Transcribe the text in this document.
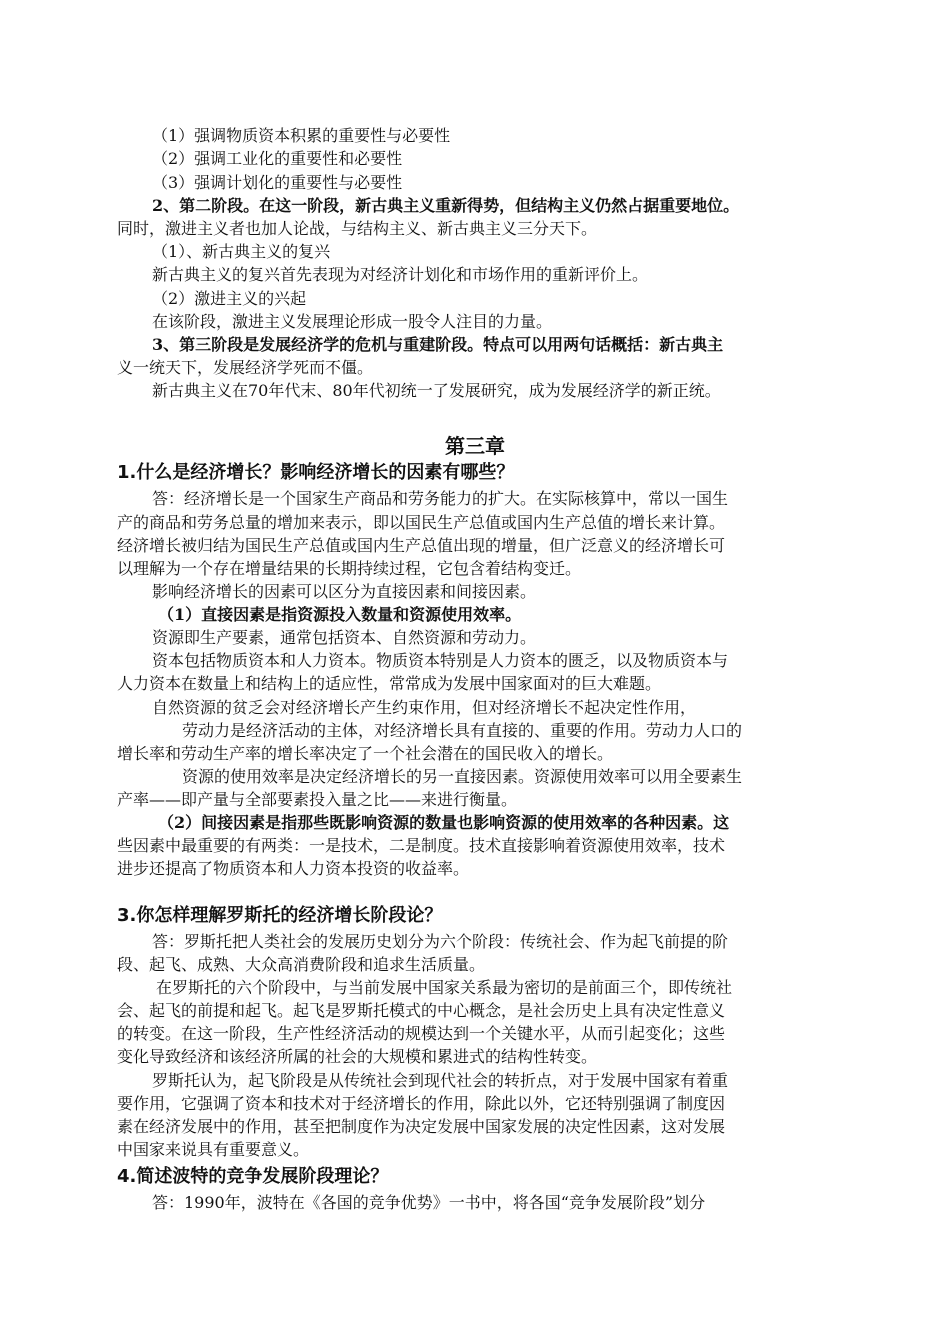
（1）强调物质资本积累的重要性与必要性
（2）强调工业化的重要性和必要性
（3）强调计划化的重要性与必要性
2、第二阶段。在这一阶段，新古典主义重新得势，但结构主义仍然占据重要地位。
同时，激进主义者也加人论战，与结构主义、新古典主义三分天下。
（1）、新古典主义的复兴
新古典主义的复兴首先表现为对经济计划化和市场作用的重新评价上。
（2）激进主义的兴起
在该阶段，激进主义发展理论形成一股令人注目的力量。
3、第三阶段是发展经济学的危机与重建阶段。特点可以用两句话概括：新古典主
义一统天下，发展经济学死而不僵。
新古典主义在70年代末、80年代初统一了发展研究，成为发展经济学的新正统。
第三章
1.什么是经济增长？影响经济增长的因素有哪些？
答：经济增长是一个国家生产商品和劳务能力的扩大。在实际核算中，常以一国生
产的商品和劳务总量的增加来表示，即以国民生产总值或国内生产总值的增长来计算。
经济增长被归结为国民生产总值或国内生产总值出现的增量，但广泛意义的经济增长可
以理解为一个存在增量结果的长期持续过程，它包含着结构变迁。
影响经济增长的因素可以区分为直接因素和间接因素。
（1）直接因素是指资源投入数量和资源使用效率。
资源即生产要素，通常包括资本、自然资源和劳动力。
资本包括物质资本和人力资本。物质资本特别是人力资本的匮乏，以及物质资本与
人力资本在数量上和结构上的适应性，常常成为发展中国家面对的巨大难题。
自然资源的贫乏会对经济增长产生约束作用，但对经济增长不起决定性作用，
劳动力是经济活动的主体，对经济增长具有直接的、重要的作用。劳动力人口的
增长率和劳动生产率的增长率决定了一个社会潜在的国民收入的增长。
资源的使用效率是决定经济增长的另一直接因素。资源使用效率可以用全要素生
产率——即产量与全部要素投入量之比——来进行衡量。
（2）间接因素是指那些既影响资源的数量也影响资源的使用效率的各种因素。这
些因素中最重要的有两类：一是技术，二是制度。技术直接影响着资源使用效率，技术
进步还提高了物质资本和人力资本投资的收益率。
3.你怎样理解罗斯托的经济增长阶段论？
答：罗斯托把人类社会的发展历史划分为六个阶段：传统社会、作为起飞前提的阶
段、起飞、成熟、大众高消费阶段和追求生活质量。
在罗斯托的六个阶段中，与当前发展中国家关系最为密切的是前面三个，即传统社
会、起飞的前提和起飞。起飞是罗斯托模式的中心概念，是社会历史上具有决定性意义
的转变。在这一阶段，生产性经济活动的规模达到一个关键水平，从而引起变化；这些
变化导致经济和该经济所属的社会的大规模和累进式的结构性转变。
罗斯托认为，起飞阶段是从传统社会到现代社会的转折点，对于发展中国家有着重
要作用，它强调了资本和技术对于经济增长的作用，除此以外，它还特别强调了制度因
素在经济发展中的作用，甚至把制度作为决定发展中国家发展的决定性因素，这对发展
中国家来说具有重要意义。
4.简述波特的竞争发展阶段理论？
答：1990年，波特在《各国的竞争优势》一书中，将各国“竞争发展阶段”划分
